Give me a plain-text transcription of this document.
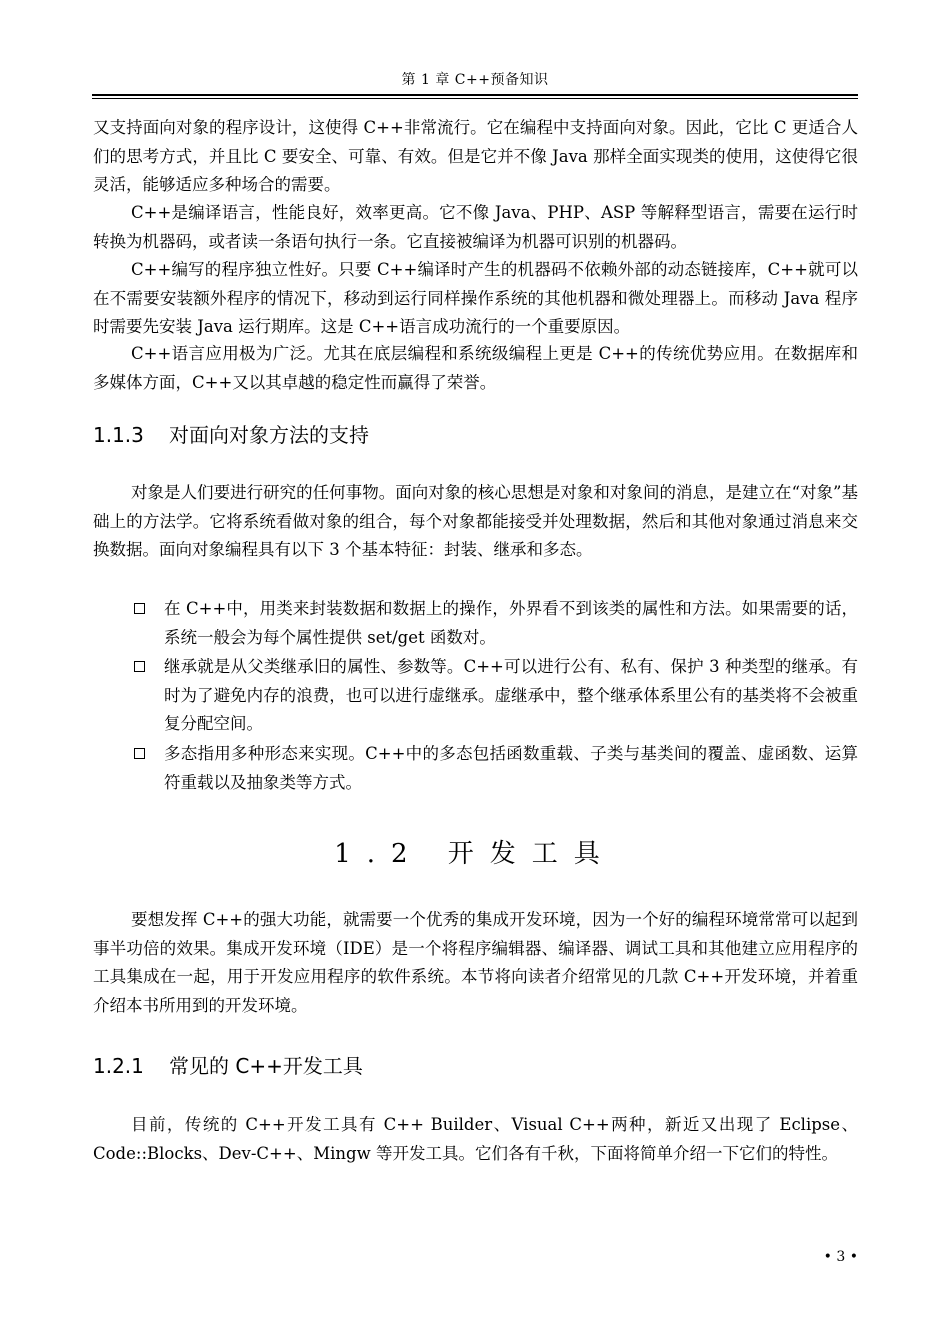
第 1 章 C++预备知识

又支持面向对象的程序设计，这使得 C++非常流行。它在编程中支持面向对象。因此，它比 C 更适合人们的思考方式，并且比 C 要安全、可靠、有效。但是它并不像 Java 那样全面实现类的使用，这使得它很灵活，能够适应多种场合的需要。

C++是编译语言，性能良好，效率更高。它不像 Java、PHP、ASP 等解释型语言，需要在运行时转换为机器码，或者读一条语句执行一条。它直接被编译为机器可识别的机器码。

C++编写的程序独立性好。只要 C++编译时产生的机器码不依赖外部的动态链接库，C++就可以在不需要安装额外程序的情况下，移动到运行同样操作系统的其他机器和微处理器上。而移动 Java 程序时需要先安装 Java 运行期库。这是 C++语言成功流行的一个重要原因。

C++语言应用极为广泛。尤其在底层编程和系统级编程上更是 C++的传统优势应用。在数据库和多媒体方面，C++又以其卓越的稳定性而赢得了荣誉。

1.1.3 对面向对象方法的支持

对象是人们要进行研究的任何事物。面向对象的核心思想是对象和对象间的消息，是建立在“对象”基础上的方法学。它将系统看做对象的组合，每个对象都能接受并处理数据，然后和其他对象通过消息来交换数据。面向对象编程具有以下 3 个基本特征：封装、继承和多态。

在 C++中，用类来封装数据和数据上的操作，外界看不到该类的属性和方法。如果需要的话，系统一般会为每个属性提供 set/get 函数对。
继承就是从父类继承旧的属性、参数等。C++可以进行公有、私有、保护 3 种类型的继承。有时为了避免内存的浪费，也可以进行虚继承。虚继承中，整个继承体系里公有的基类将不会被重复分配空间。
多态指用多种形态来实现。C++中的多态包括函数重载、子类与基类间的覆盖、虚函数、运算符重载以及抽象类等方式。
1.2 开发工具

要想发挥 C++的强大功能，就需要一个优秀的集成开发环境，因为一个好的编程环境常常可以起到事半功倍的效果。集成开发环境（IDE）是一个将程序编辑器、编译器、调试工具和其他建立应用程序的工具集成在一起，用于开发应用程序的软件系统。本节将向读者介绍常见的几款 C++开发环境，并着重介绍本书所用到的开发环境。

1.2.1 常见的 C++开发工具

目前，传统的 C++开发工具有 C++ Builder、Visual C++两种，新近又出现了 Eclipse、Code::Blocks、Dev-C++、Mingw 等开发工具。它们各有千秋，下面将简单介绍一下它们的特性。

• 3 •
